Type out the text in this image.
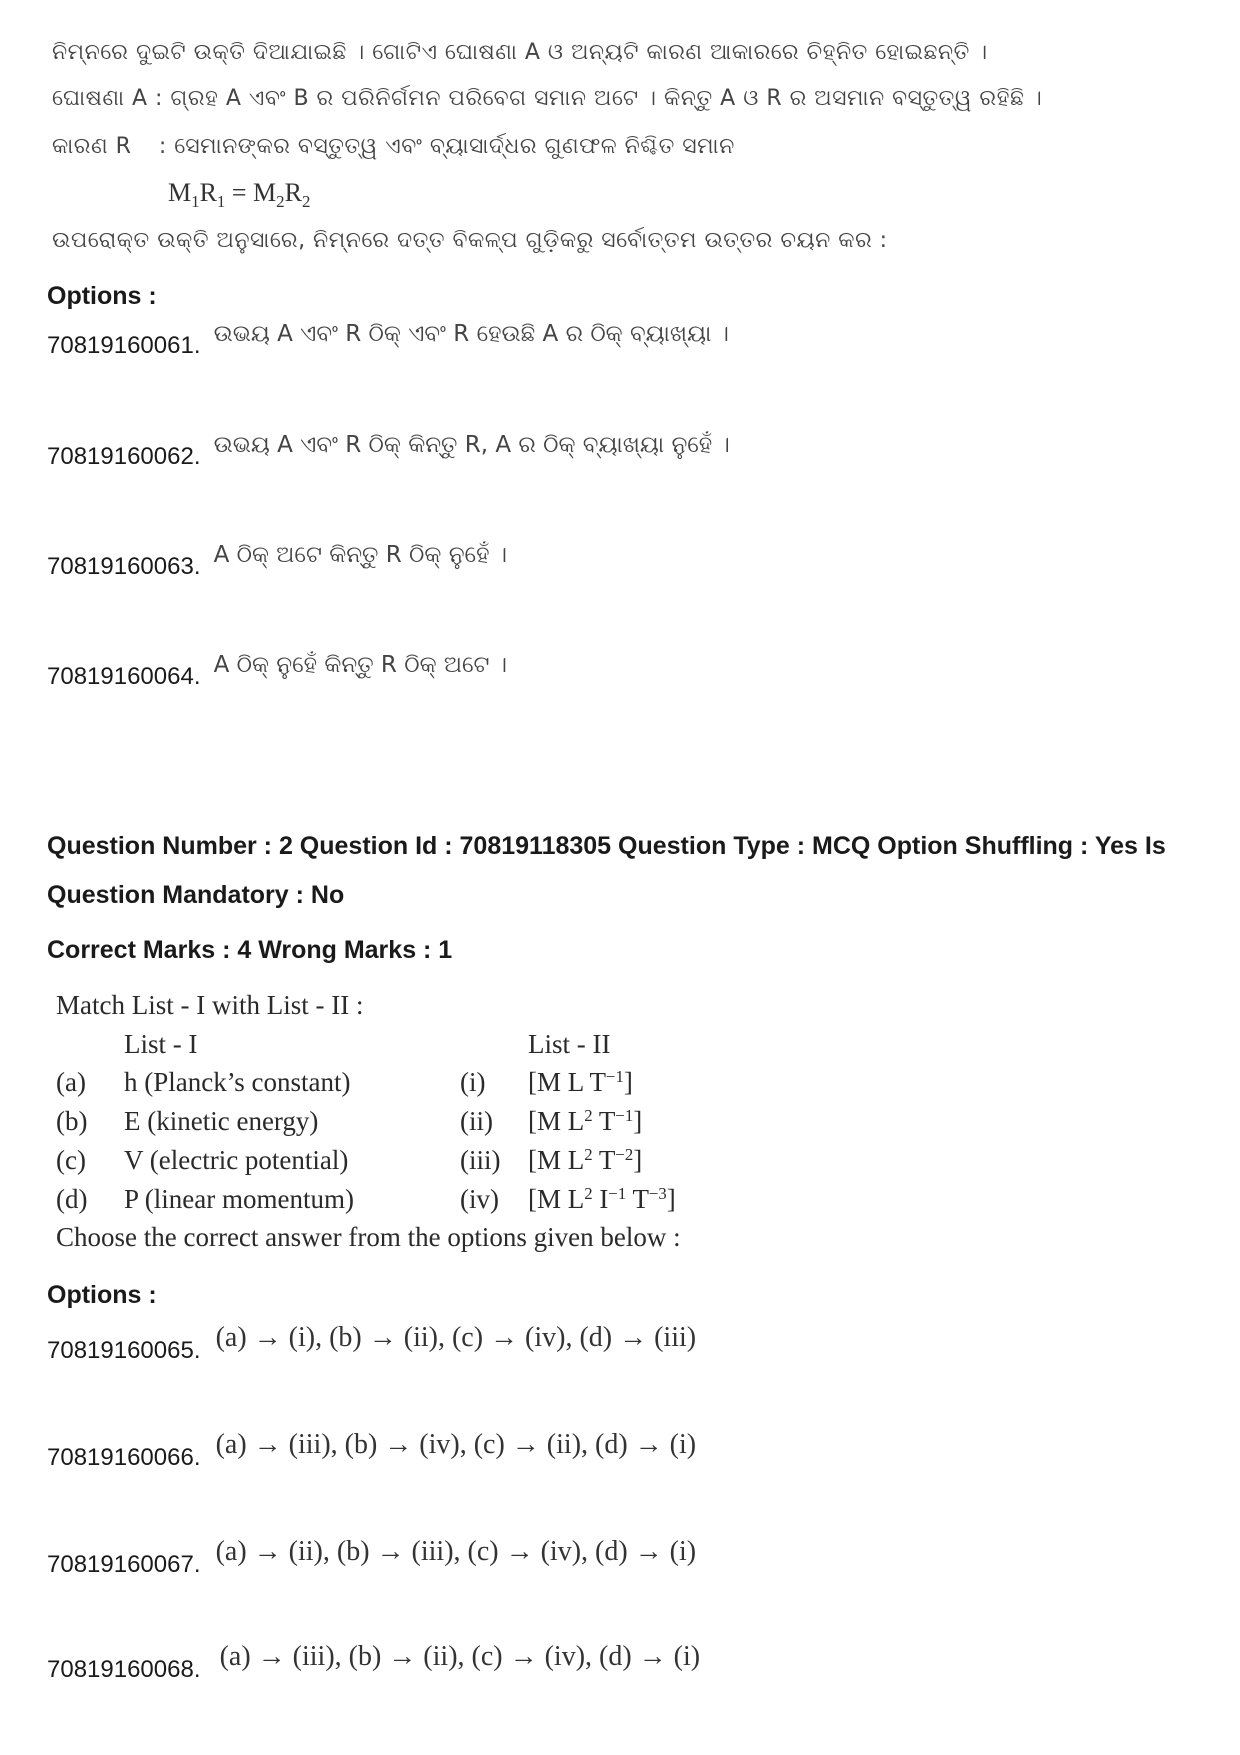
ନିମ୍ନରେ ଦୁଇଟି ଉକ୍ତି ଦିଆଯାଇଛି । ଗୋଟିଏ ଘୋଷଣା A ଓ ଅନ୍ୟଟି କାରଣ ଆକାରରେ ଚିହ୍ନିତ ହୋଇଛନ୍ତି ।
ଘୋଷଣା A : ଗ୍ରହ A ଏବଂ B ର ପରିନିର୍ଗମନ ପରିବେଗ ସମାନ ଅଟେ । କିନ୍ତୁ A ଓ R ର ଅସମାନ ବସ୍ତୁତ୍ୱ ରହିଛି ।
କାରଣ R : ସେମାନଙ୍କର ବସ୍ତୁତ୍ୱ ଏବଂ ବ୍ୟାସାର୍ଦ୍ଧର ଗୁଣଫଳ ନିଶ୍ଚିତ ସମାନ
$M_1R_1 = M_2R_2$
ଉପରୋକ୍ତ ଉକ୍ତି ଅନୁସାରେ, ନିମ୍ନରେ ଦତ୍ତ ବିକଳ୍ପ ଗୁଡ଼ିକରୁ ସର୍ବୋତ୍ତମ ଉତ୍ତର ଚୟନ କର :
Options :
70819160061. ଉଭୟ A ଏବଂ R ଠିକ୍ ଏବଂ R ହେଉଛି A ର ଠିକ୍ ବ୍ୟାଖ୍ୟା ।
70819160062. ଉଭୟ A ଏବଂ R ଠିକ୍ କିନ୍ତୁ R, A ର ଠିକ୍ ବ୍ୟାଖ୍ୟା ନୁହେଁ ।
70819160063. A ଠିକ୍ ଅଟେ କିନ୍ତୁ R ଠିକ୍ ନୁହେଁ ।
70819160064. A ଠିକ୍ ନୁହେଁ କିନ୍ତୁ R ଠିକ୍ ଅଟେ ।
Question Number : 2 Question Id : 70819118305 Question Type : MCQ Option Shuffling : Yes Is
Question Mandatory : No
Correct Marks : 4 Wrong Marks : 1
Match List - I with List - II :
List - I	List - II
(a) h (Planck’s constant)	(i) [M L $T^{-1}$]
(b) E (kinetic energy)	(ii) [M $L^2$ $T^{-1}$]
(c) V (electric potential)	(iii) [M $L^2$ $T^{-2}$]
(d) P (linear momentum)	(iv) [M $L^2$ $I^{-1}$ $T^{-3}$]
Choose the correct answer from the options given below :
Options :
70819160065. (a) → (i), (b) → (ii), (c) → (iv), (d) → (iii)
70819160066. (a) → (iii), (b) → (iv), (c) → (ii), (d) → (i)
70819160067. (a) → (ii), (b) → (iii), (c) → (iv), (d) → (i)
70819160068. (a) → (iii), (b) → (ii), (c) → (iv), (d) → (i)
